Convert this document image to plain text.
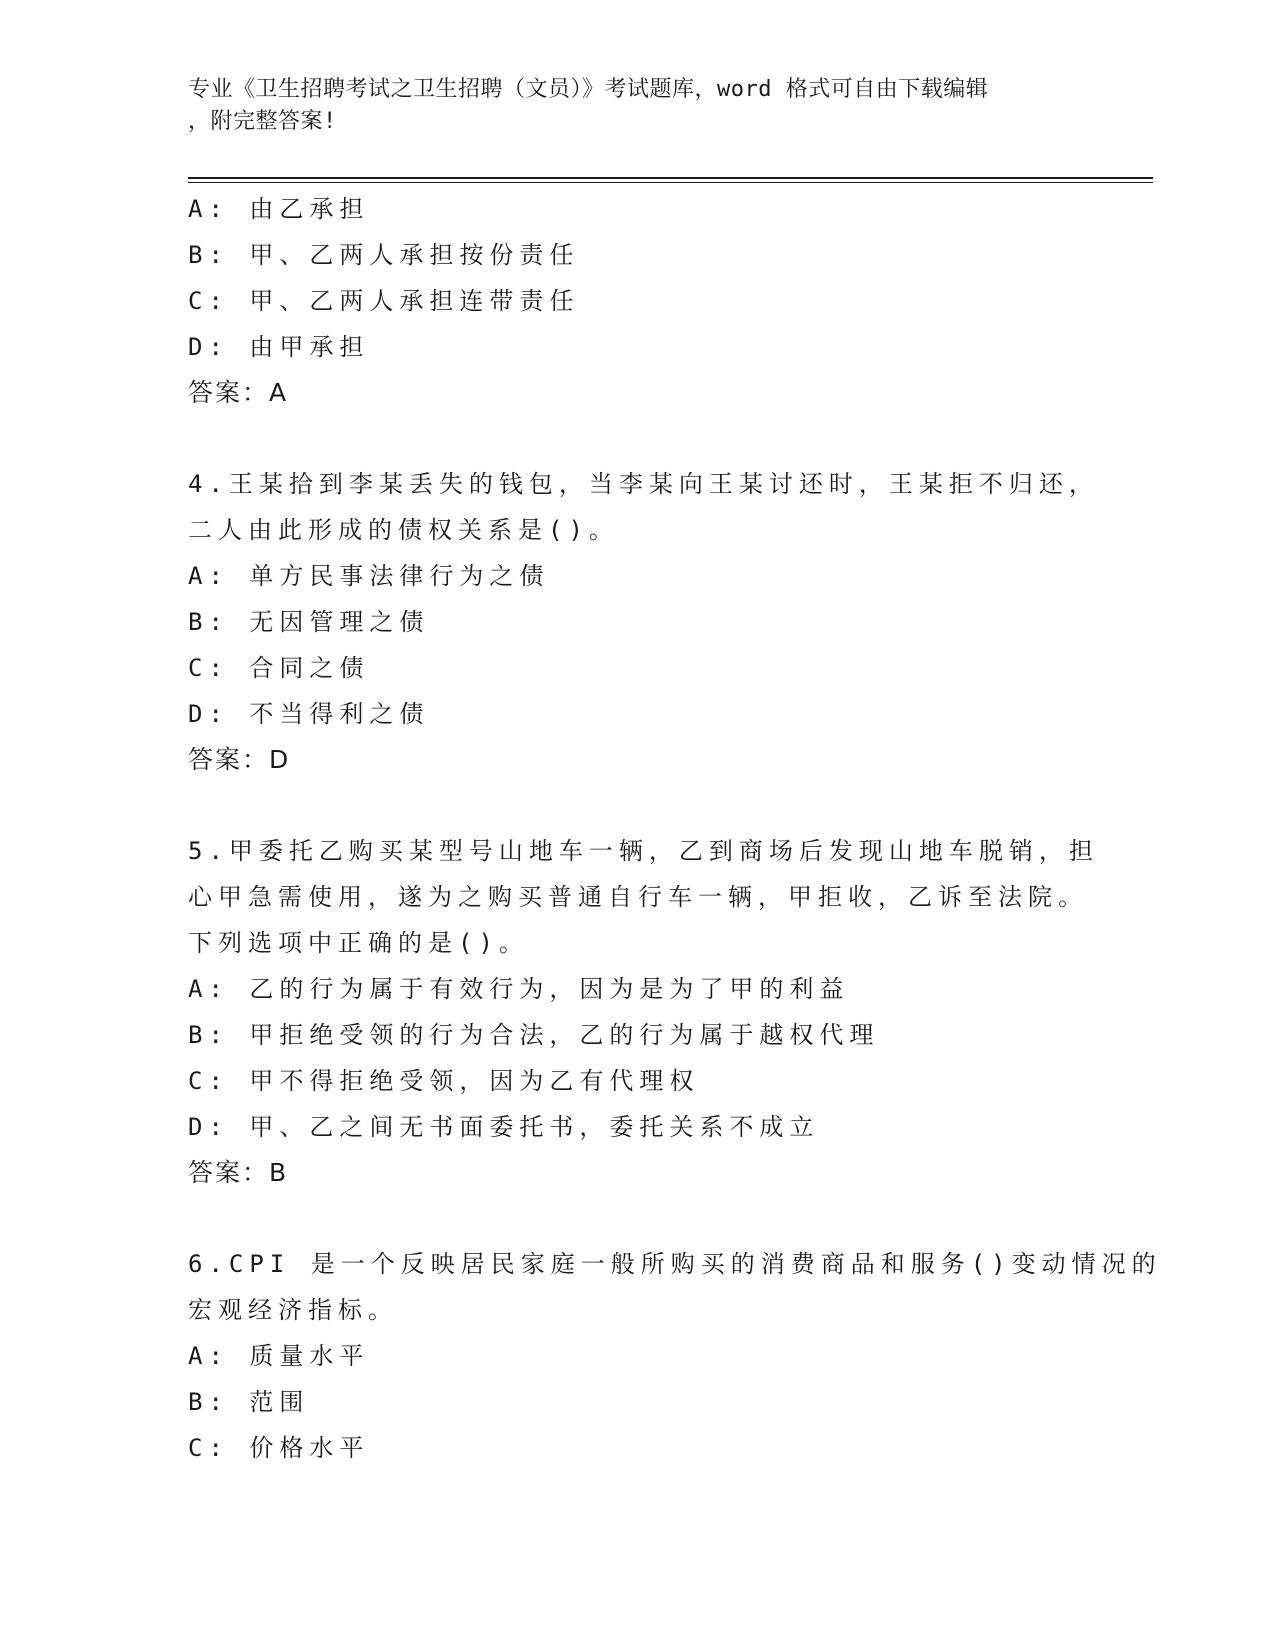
专业《卫生招聘考试之卫生招聘（文员）》考试题库，word 格式可自由下载编辑
，附完整答案!
A: 由乙承担
B: 甲、乙两人承担按份责任
C: 甲、乙两人承担连带责任
D: 由甲承担
答案：A
4.王某拾到李某丢失的钱包，当李某向王某讨还时，王某拒不归还，
二人由此形成的债权关系是()。
A: 单方民事法律行为之债
B: 无因管理之债
C: 合同之债
D: 不当得利之债
答案：D
5.甲委托乙购买某型号山地车一辆，乙到商场后发现山地车脱销，担
心甲急需使用，遂为之购买普通自行车一辆，甲拒收，乙诉至法院。
下列选项中正确的是()。
A: 乙的行为属于有效行为，因为是为了甲的利益
B: 甲拒绝受领的行为合法，乙的行为属于越权代理
C: 甲不得拒绝受领，因为乙有代理权
D: 甲、乙之间无书面委托书，委托关系不成立
答案：B
6.CPI 是一个反映居民家庭一般所购买的消费商品和服务()变动情况的
宏观经济指标。
A: 质量水平
B: 范围
C: 价格水平
